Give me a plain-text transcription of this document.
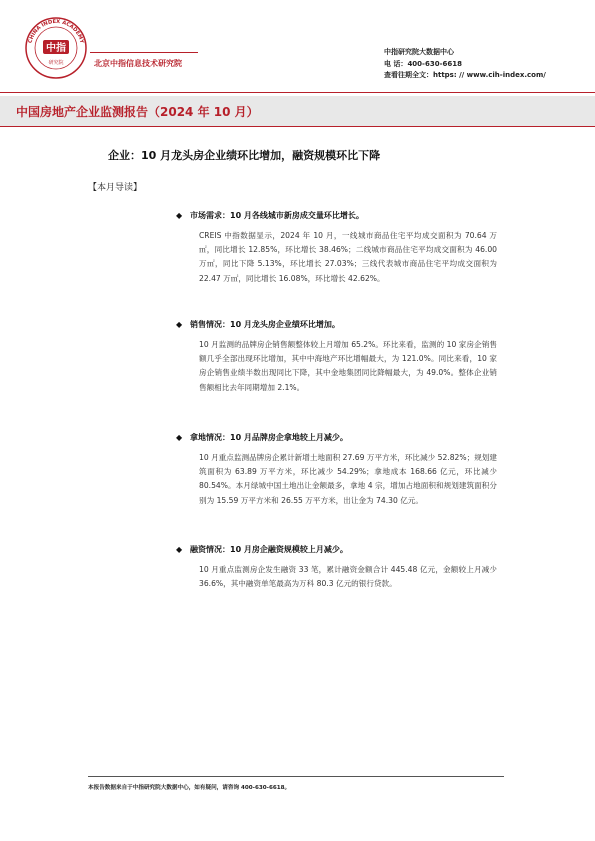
CHINA INDEX ACADEMY
中指
研究院	北京中指信息技术研究院
中指研究院大数据中心
电 话：400-630-6618
查看往期全文：https: // www.cih-index.com/
中国房地产企业监测报告（2024 年 10 月）
企业：10 月龙头房企业绩环比增加，融资规模环比下降
【本月导读】
◆ 市场需求：10 月各线城市新房成交量环比增长。
CREIS 中指数据显示，2024 年 10 月，一线城市商品住宅平均成交面积为 70.64 万㎡，同比增长 12.85%，环比增长 38.46%；二线城市商品住宅平均成交面积为 46.00 万㎡，同比下降 5.13%，环比增长 27.03%；三线代表城市商品住宅平均成交面积为 22.47 万㎡，同比增长 16.08%，环比增长 42.62%。
◆ 销售情况：10 月龙头房企业绩环比增加。
10 月监测的品牌房企销售额整体较上月增加 65.2%。环比来看，监测的 10 家房企销售额几乎全部出现环比增加，其中中海地产环比增幅最大，为 121.0%。同比来看，10 家房企销售业绩半数出现同比下降，其中金地集团同比降幅最大，为 49.0%。整体企业销售额相比去年同期增加 2.1%。
◆ 拿地情况：10 月品牌房企拿地较上月减少。
10 月重点监测品牌房企累计新增土地面积 27.69 万平方米，环比减少 52.82%；规划建筑面积为 63.89 万平方米，环比减少 54.29%；拿地成本 168.66 亿元，环比减少 80.54%。本月绿城中国土地出让金额最多，拿地 4 宗，增加占地面积和规划建筑面积分别为 15.59 万平方米和 26.55 万平方米，出让金为 74.30 亿元。
◆ 融资情况：10 月房企融资规模较上月减少。
10 月重点监测房企发生融资 33 笔，累计融资金额合计 445.48 亿元，金额较上月减少 36.6%，其中融资单笔最高为万科 80.3 亿元的银行贷款。
本报告数据来自于中指研究院大数据中心，如有疑问，请咨询 400-630-6618。
